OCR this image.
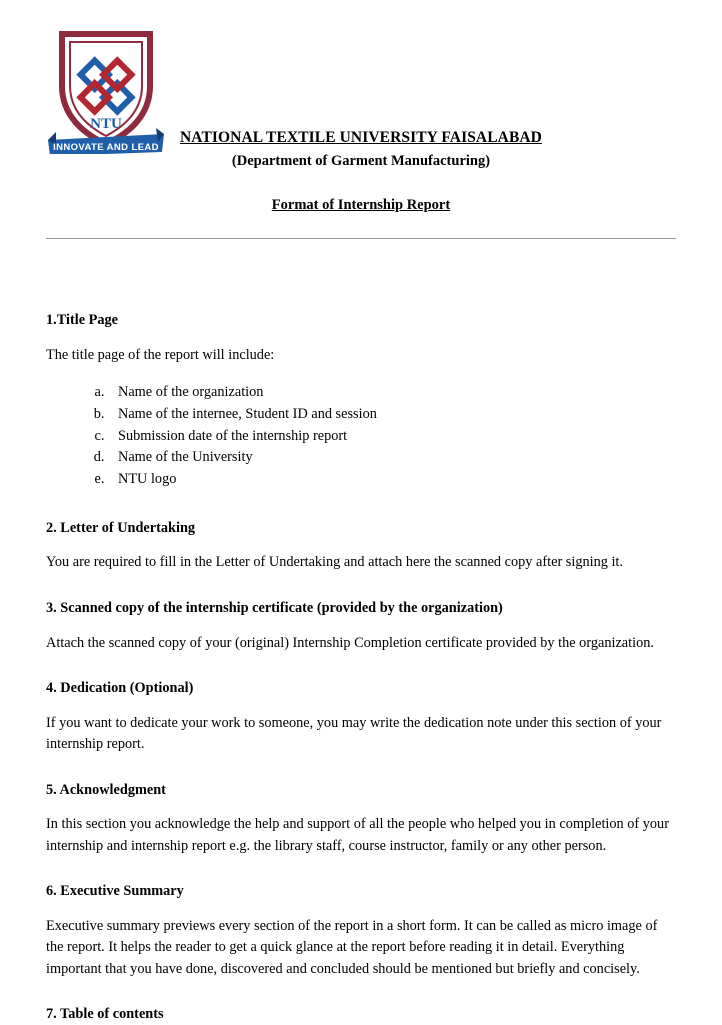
NTU
INNOVATE AND LEAD
NATIONAL TEXTILE UNIVERSITY FAISALABAD
(Department of Garment Manufacturing)
Format of Internship Report
1.Title Page

The title page of the report will include:

a. Name of the organization
b. Name of the internee, Student ID and session
c. Submission date of the internship report
d. Name of the University
e. NTU logo
2. Letter of Undertaking

You are required to fill in the Letter of Undertaking and attach here the scanned copy after signing it.

3. Scanned copy of the internship certificate (provided by the organization)

Attach the scanned copy of your (original) Internship Completion certificate provided by the organization.

4. Dedication (Optional)

If you want to dedicate your work to someone, you may write the dedication note under this section of your internship report.

5. Acknowledgment

In this section you acknowledge the help and support of all the people who helped you in completion of your internship and internship report e.g. the library staff, course instructor, family or any other person.

6. Executive Summary

Executive summary previews every section of the report in a short form. It can be called as micro image of the report. It helps the reader to get a quick glance at the report before reading it in detail. Everything important that you have done, discovered and concluded should be mentioned but briefly and concisely.

7. Table of contents
